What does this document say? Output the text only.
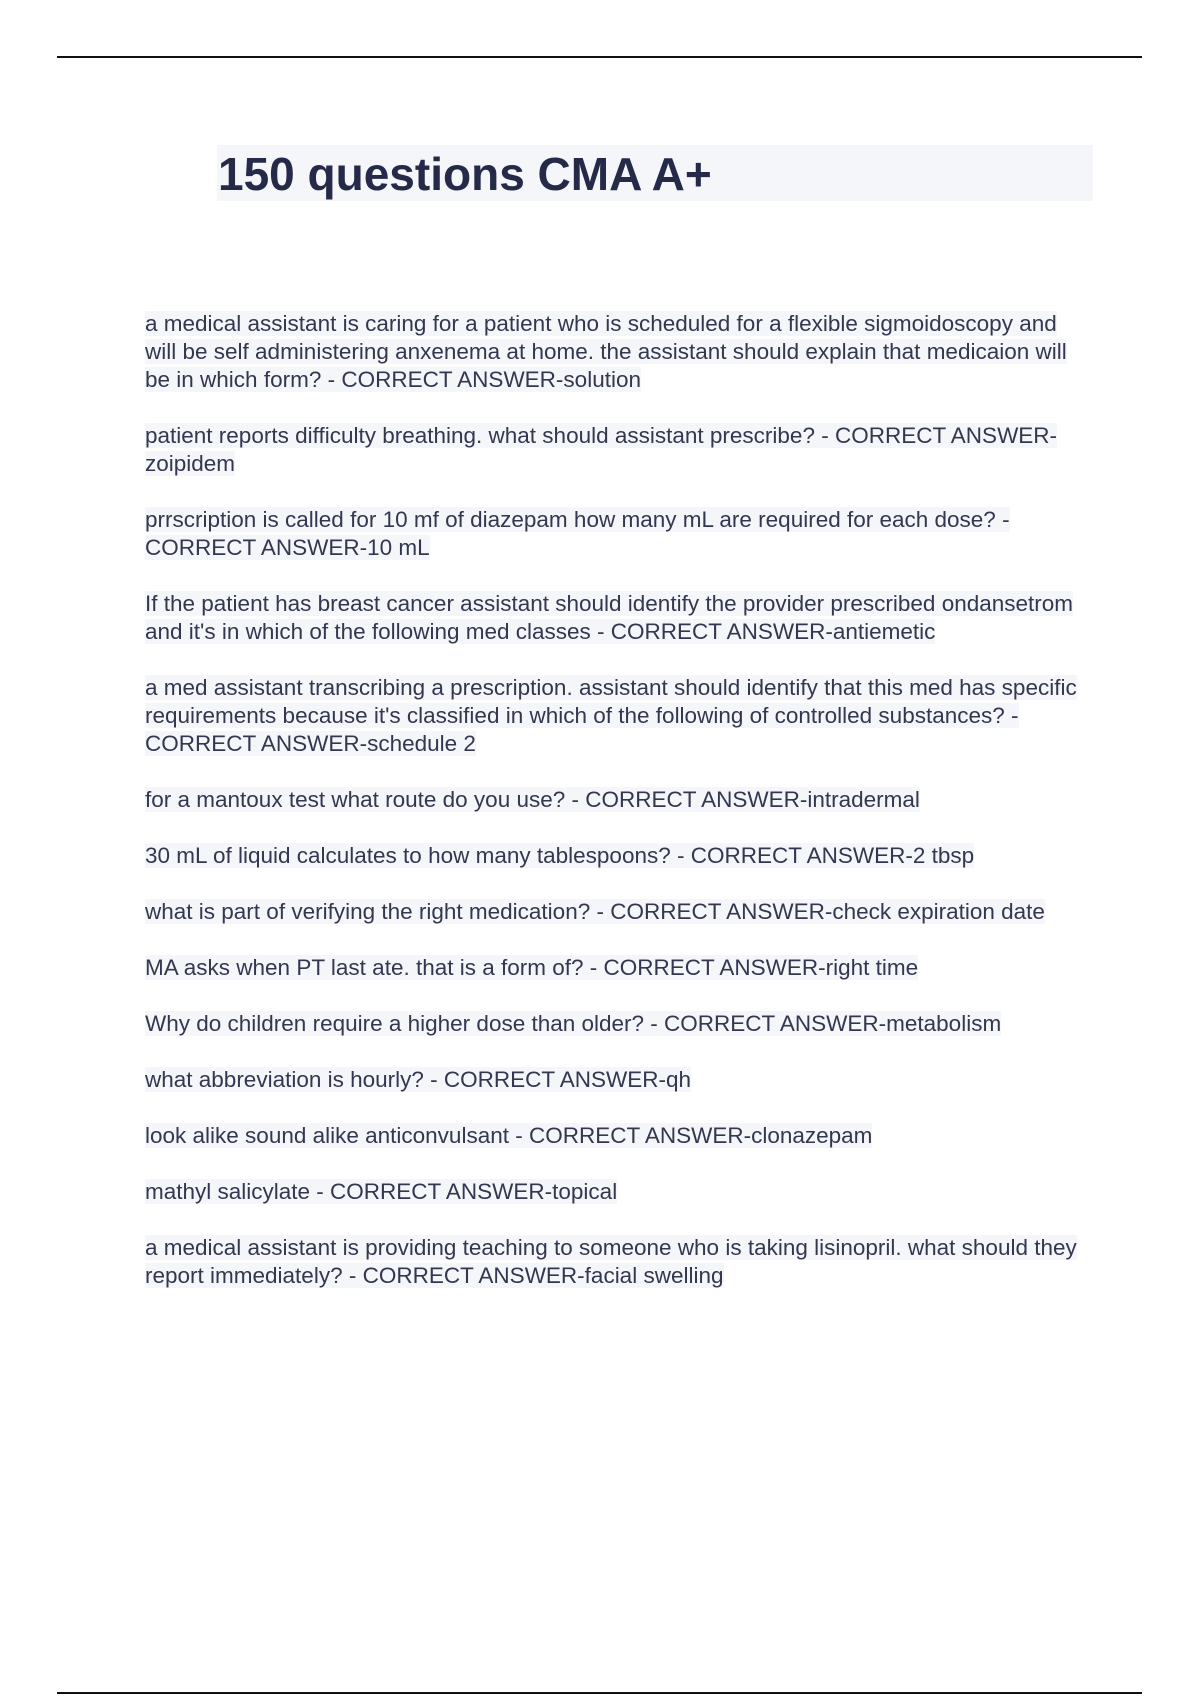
150 questions CMA A+

a medical assistant is caring for a patient who is scheduled for a flexible sigmoidoscopy and will be self administering anxenema at home. the assistant should explain that medicaion will be in which form? - CORRECT ANSWER-solution

patient reports difficulty breathing. what should assistant prescribe? - CORRECT ANSWER-zoipidem

prrscription is called for 10 mf of diazepam how many mL are required for each dose? - CORRECT ANSWER-10 mL

If the patient has breast cancer assistant should identify the provider prescribed ondansetrom and it's in which of the following med classes - CORRECT ANSWER-antiemetic

a med assistant transcribing a prescription. assistant should identify that this med has specific requirements because it's classified in which of the following of controlled substances? - CORRECT ANSWER-schedule 2

for a mantoux test what route do you use? - CORRECT ANSWER-intradermal

30 mL of liquid calculates to how many tablespoons? - CORRECT ANSWER-2 tbsp

what is part of verifying the right medication? - CORRECT ANSWER-check expiration date

MA asks when PT last ate. that is a form of? - CORRECT ANSWER-right time

Why do children require a higher dose than older? - CORRECT ANSWER-metabolism

what abbreviation is hourly? - CORRECT ANSWER-qh

look alike sound alike anticonvulsant - CORRECT ANSWER-clonazepam

mathyl salicylate - CORRECT ANSWER-topical

a medical assistant is providing teaching to someone who is taking lisinopril. what should they report immediately? - CORRECT ANSWER-facial swelling
